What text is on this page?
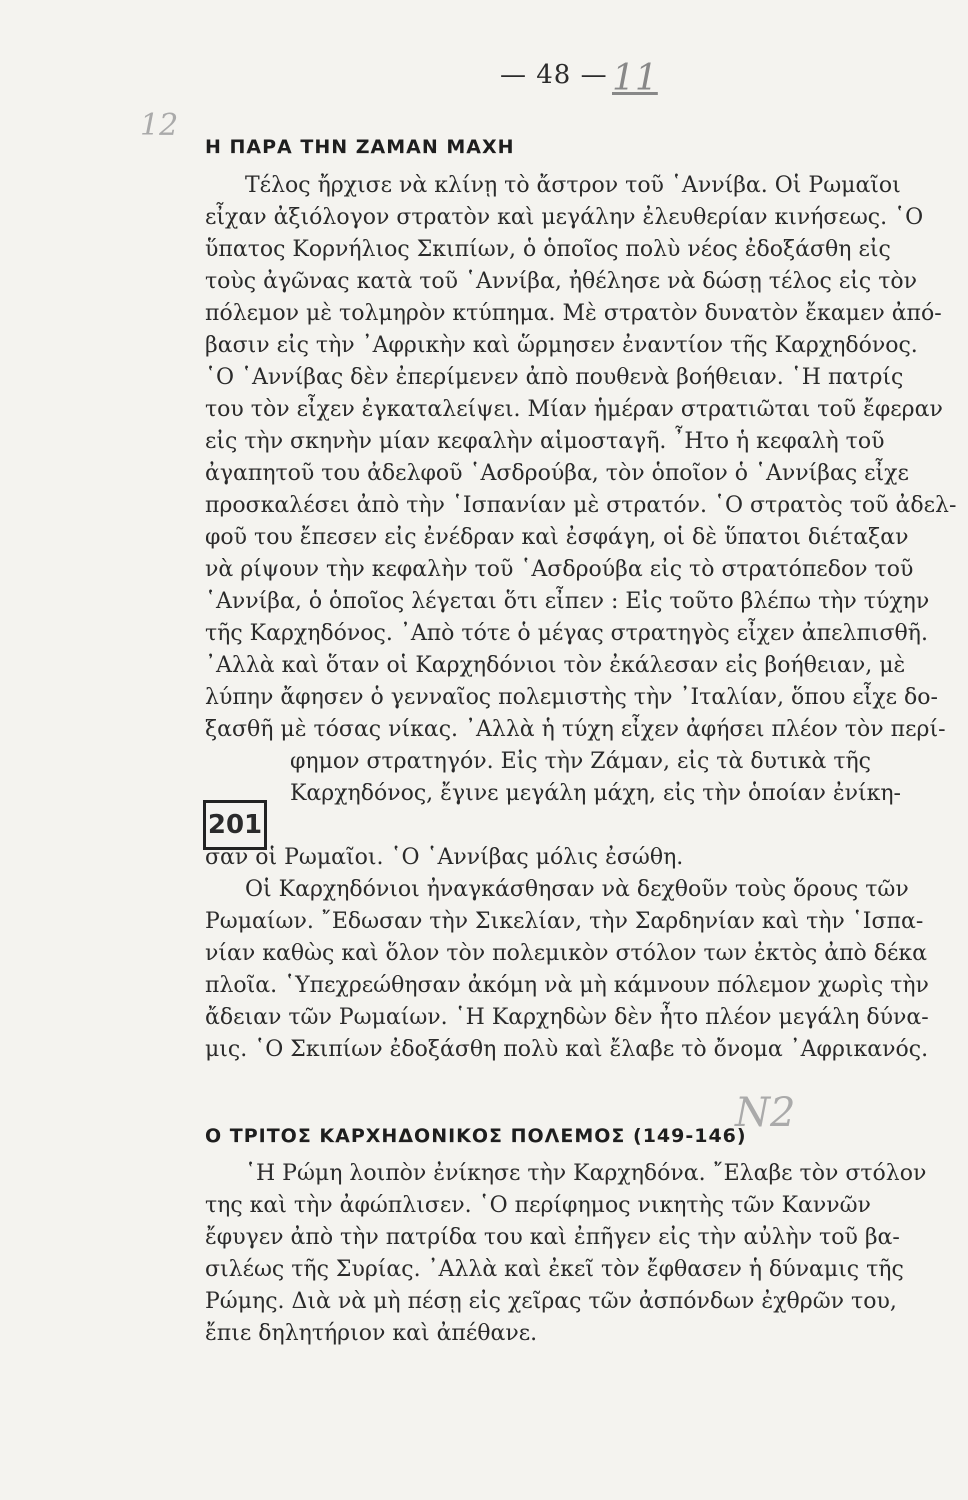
— 48 — 11
12
Η ΠΑΡΑ ΤΗΝ ΖΑΜΑΝ ΜΑΧΗ
Τέλος ἤρχισε νὰ κλίνῃ τὸ ἄστρον τοῦ ῾Αννίβα. Οἱ Ρωμαῖοι
εἶχαν ἀξιόλογον στρατὸν καὶ μεγάλην ἐλευθερίαν κινήσεως. ῾Ο
ὕπατος Κορνήλιος Σκιπίων, ὁ ὁποῖος πολὺ νέος ἐδοξάσθη εἰς
τοὺς ἀγῶνας κατὰ τοῦ ῾Αννίβα, ἠθέλησε νὰ δώσῃ τέλος εἰς τὸν
πόλεμον μὲ τολμηρὸν κτύπημα. Μὲ στρατὸν δυνατὸν ἔκαμεν ἀπό-
βασιν εἰς τὴν ᾿Αφρικὴν καὶ ὥρμησεν ἐναντίον τῆς Καρχηδόνος.
῾Ο ῾Αννίβας δὲν ἐπερίμενεν ἀπὸ πουθενὰ βοήθειαν. ῾Η πατρίς
του τὸν εἶχεν ἐγκαταλείψει. Μίαν ἡμέραν στρατιῶται τοῦ ἔφεραν
εἰς τὴν σκηνὴν μίαν κεφαλὴν αἱμοσταγῆ. ῏Ητο ἡ κεφαλὴ τοῦ
ἀγαπητοῦ του ἀδελφοῦ ῾Ασδρούβα, τὸν ὁποῖον ὁ ῾Αννίβας εἶχε
προσκαλέσει ἀπὸ τὴν ῾Ισπανίαν μὲ στρατόν. ῾Ο στρατὸς τοῦ ἀδελ-
φοῦ του ἔπεσεν εἰς ἐνέδραν καὶ ἐσφάγη, οἱ δὲ ὕπατοι διέταξαν
νὰ ρίψουν τὴν κεφαλὴν τοῦ ῾Ασδρούβα εἰς τὸ στρατόπεδον τοῦ
῾Αννίβα, ὁ ὁποῖος λέγεται ὅτι εἶπεν : Εἰς τοῦτο βλέπω τὴν τύχην
τῆς Καρχηδόνος. ᾿Απὸ τότε ὁ μέγας στρατηγὸς εἶχεν ἀπελπισθῆ.
᾿Αλλὰ καὶ ὅταν οἱ Καρχηδόνιοι τὸν ἐκάλεσαν εἰς βοήθειαν, μὲ
λύπην ἄφησεν ὁ γενναῖος πολεμιστὴς τὴν ᾿Ιταλίαν, ὅπου εἶχε δο-
ξασθῆ μὲ τόσας νίκας. ᾿Αλλὰ ἡ τύχη εἶχεν ἀφήσει πλέον τὸν περί-
φημον στρατηγόν. Εἰς τὴν Ζάμαν, εἰς τὰ δυτικὰ τῆς
Καρχηδόνος, ἔγινε μεγάλη μάχη, εἰς τὴν ὁποίαν ἐνίκη-
201
σαν οἱ Ρωμαῖοι. ῾Ο ῾Αννίβας μόλις ἐσώθη.
Οἱ Καρχηδόνιοι ἠναγκάσθησαν νὰ δεχθοῦν τοὺς ὅρους τῶν
Ρωμαίων. ῎Εδωσαν τὴν Σικελίαν, τὴν Σαρδηνίαν καὶ τὴν ῾Ισπα-
νίαν καθὼς καὶ ὅλον τὸν πολεμικὸν στόλον των ἐκτὸς ἀπὸ δέκα
πλοῖα. ῾Υπεχρεώθησαν ἀκόμη νὰ μὴ κάμνουν πόλεμον χωρὶς τὴν
ἄδειαν τῶν Ρωμαίων. ῾Η Καρχηδὼν δὲν ἦτο πλέον μεγάλη δύνα-
μις. ῾Ο Σκιπίων ἐδοξάσθη πολὺ καὶ ἔλαβε τὸ ὄνομα ᾿Αφρικανός.
Ο ΤΡΙΤΟΣ ΚΑΡΧΗΔΟΝΙΚΟΣ ΠΟΛΕΜΟΣ (149-146)
N2
῾Η Ρώμη λοιπὸν ἐνίκησε τὴν Καρχηδόνα. ῎Ελαβε τὸν στόλον
της καὶ τὴν ἀφώπλισεν. ῾Ο περίφημος νικητὴς τῶν Καννῶν
ἔφυγεν ἀπὸ τὴν πατρίδα του καὶ ἐπῆγεν εἰς τὴν αὐλὴν τοῦ βα-
σιλέως τῆς Συρίας. ᾿Αλλὰ καὶ ἐκεῖ τὸν ἔφθασεν ἡ δύναμις τῆς
Ρώμης. Διὰ νὰ μὴ πέσῃ εἰς χεῖρας τῶν ἀσπόνδων ἐχθρῶν του,
ἔπιε δηλητήριον καὶ ἀπέθανε.
